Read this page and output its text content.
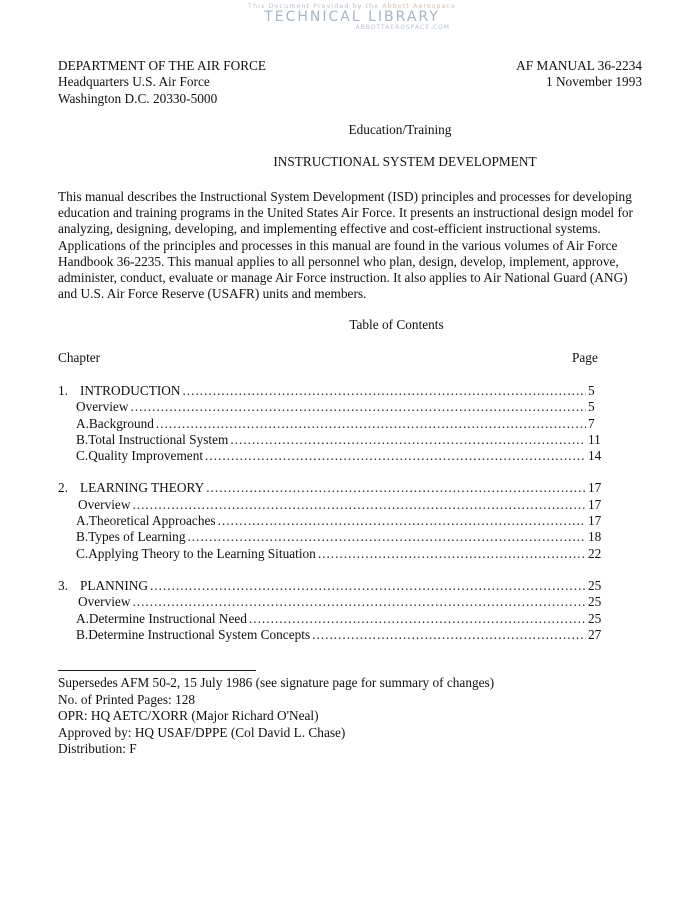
This Document Provided by the Abbott Aerospace
TECHNICAL LIBRARY
ABBOTTAEROSPACE.COM
DEPARTMENT OF THE AIR FORCE
Headquarters U.S. Air Force
Washington D.C. 20330-5000
AF MANUAL 36-2234
1 November 1993
Education/Training
INSTRUCTIONAL SYSTEM DEVELOPMENT
This manual describes the Instructional System Development (ISD) principles and processes for developing education and training programs in the United States Air Force. It presents an instructional design model for analyzing, designing, developing, and implementing effective and cost-efficient instructional systems. Applications of the principles and processes in this manual are found in the various volumes of Air Force Handbook 36-2235. This manual applies to all personnel who plan, design, develop, implement, approve, administer, conduct, evaluate or manage Air Force instruction. It also applies to Air National Guard (ANG) and U.S. Air Force Reserve (USAFR) units and members.
Table of Contents
Chapter	Page
1. INTRODUCTION .....	5
Overview .....	5
A.Background .....	7
B.Total Instructional System .....	11
C.Quality Improvement .....	14
2. LEARNING THEORY .....	17
Overview .....	17
A.Theoretical Approaches .....	17
B.Types of Learning .....	18
C.Applying Theory to the Learning Situation .....	22
3. PLANNING .....	25
Overview .....	25
A.Determine Instructional Need .....	25
B.Determine Instructional System Concepts .....	27
Supersedes AFM 50-2, 15 July 1986 (see signature page for summary of changes)
No. of Printed Pages: 128
OPR: HQ AETC/XORR (Major Richard O'Neal)
Approved by: HQ USAF/DPPE (Col David L. Chase)
Distribution: F
